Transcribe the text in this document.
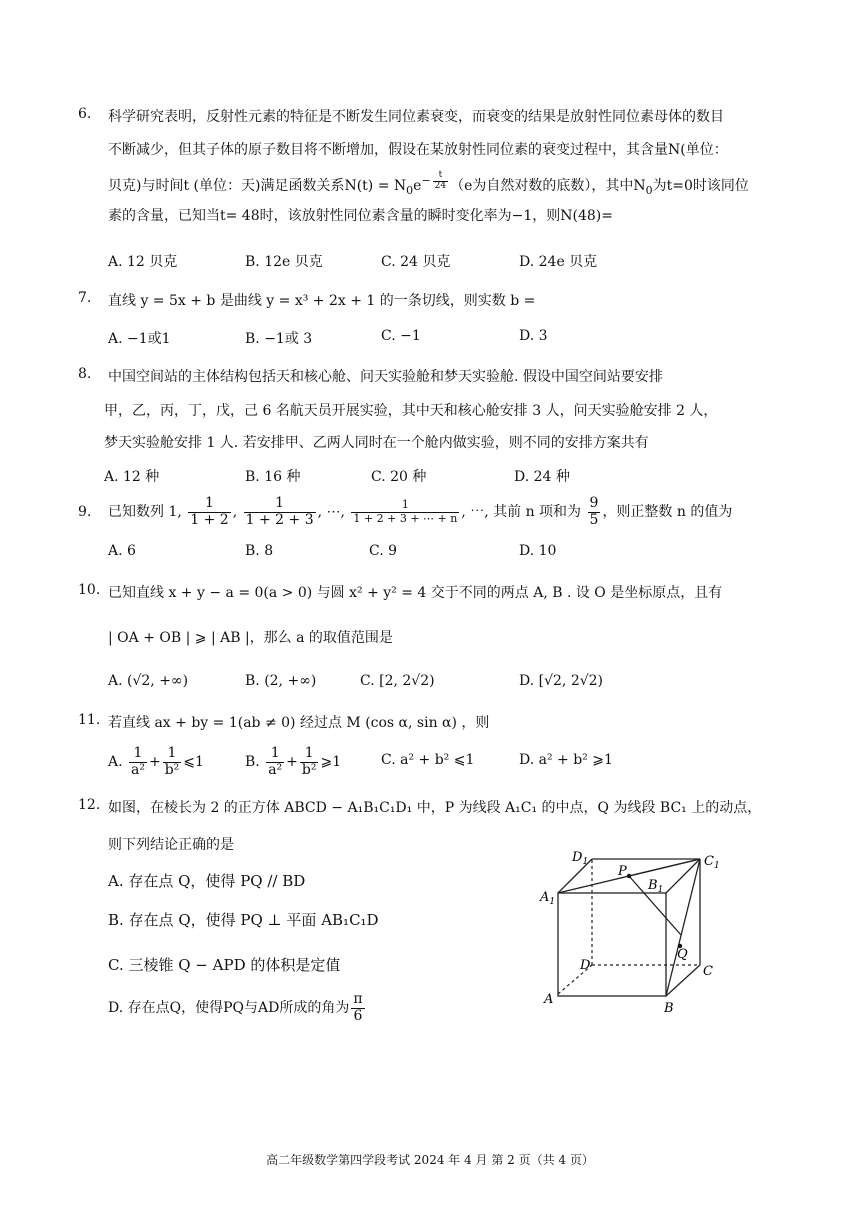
6. 科学研究表明，反射性元素的特征是不断发生同位素衰变，而衰变的结果是放射性同位素母体的数目
不断减少，但其子体的原子数目将不断增加，假设在某放射性同位素的衰变过程中，其含量N(单位：
贝克)与时间t (单位：天)满足函数关系$N(t) = N_0e^{- \frac{t}{24}}$ （e为自然对数的底数），其中$N_0$为t=0时该同位
素的含量，已知当t= 48时，该放射性同位素含量的瞬时变化率为−1，则N(48)=
A. 12 贝克	B. 12e 贝克	C. 24 贝克	D. 24e 贝克
7. 直线 y = 5x + b 是曲线 y = x³ + 2x + 1 的一条切线，则实数 b =
A. −1或1	B. −1或 3	C. −1	D. 3
8. 中国空间站的主体结构包括天和核心舱、问天实验舱和梦天实验舱. 假设中国空间站要安排
甲，乙，丙，丁，戊，己 6 名航天员开展实验，其中天和核心舱安排 3 人，问天实验舱安排 2 人，
梦天实验舱安排 1 人. 若安排甲、乙两人同时在一个舱内做实验，则不同的安排方案共有
A. 12 种	B. 16 种	C. 20 种	D. 24 种
9. 已知数列 1, $\frac{1}{1 + 2}$ , $\frac{1}{1 + 2 + 3}$ , ⋯, $\frac{1}{1 + 2 + 3 + \cdots + n}$ , ⋯, 其前 n 项和为 $\frac{9}{5}$ ，则正整数 n 的值为
A. 6	B. 8	C. 9	D. 10
10. 已知直线 x + y − a = 0(a > 0) 与圆 x² + y² = 4 交于不同的两点 A, B . 设 O 是坐标原点，且有
| OA + OB | ⩾ | AB |，那么 a 的取值范围是
A. (√2, +∞)	B. (2, +∞)	C. [2, 2√2)	D. [√2, 2√2)
11. 若直线 ax + by = 1(ab ≠ 0) 经过点 M (cos α, sin α) ，则
A. $\frac{1}{\text{a²}} + \frac{1}{\text{b²}}$ ⩽1	B. $\frac{1}{\text{a²}} + \frac{1}{\text{b²}}$ ⩾1	C. a² + b² ⩽1	D. a² + b² ⩾1
12. 如图，在棱长为 2 的正方体 ABCD − A₁B₁C₁D₁ 中，P 为线段 A₁C₁ 的中点，Q 为线段 BC₁ 上的动点，
则下列结论正确的是
A. 存在点 Q，使得 PQ // BD
B. 存在点 Q，使得 PQ ⊥ 平面 AB₁C₁D
C. 三棱锥 Q − APD 的体积是定值
D. 存在点Q，使得PQ与AD所成的角为 $\frac{\pi}{6}$
$A_1$
$D_1$	$C_1$
$B_1$
P
Q
D	C
A
B
高二年级数学第四学段考试 2024 年 4 月 第 2 页（共 4 页）
